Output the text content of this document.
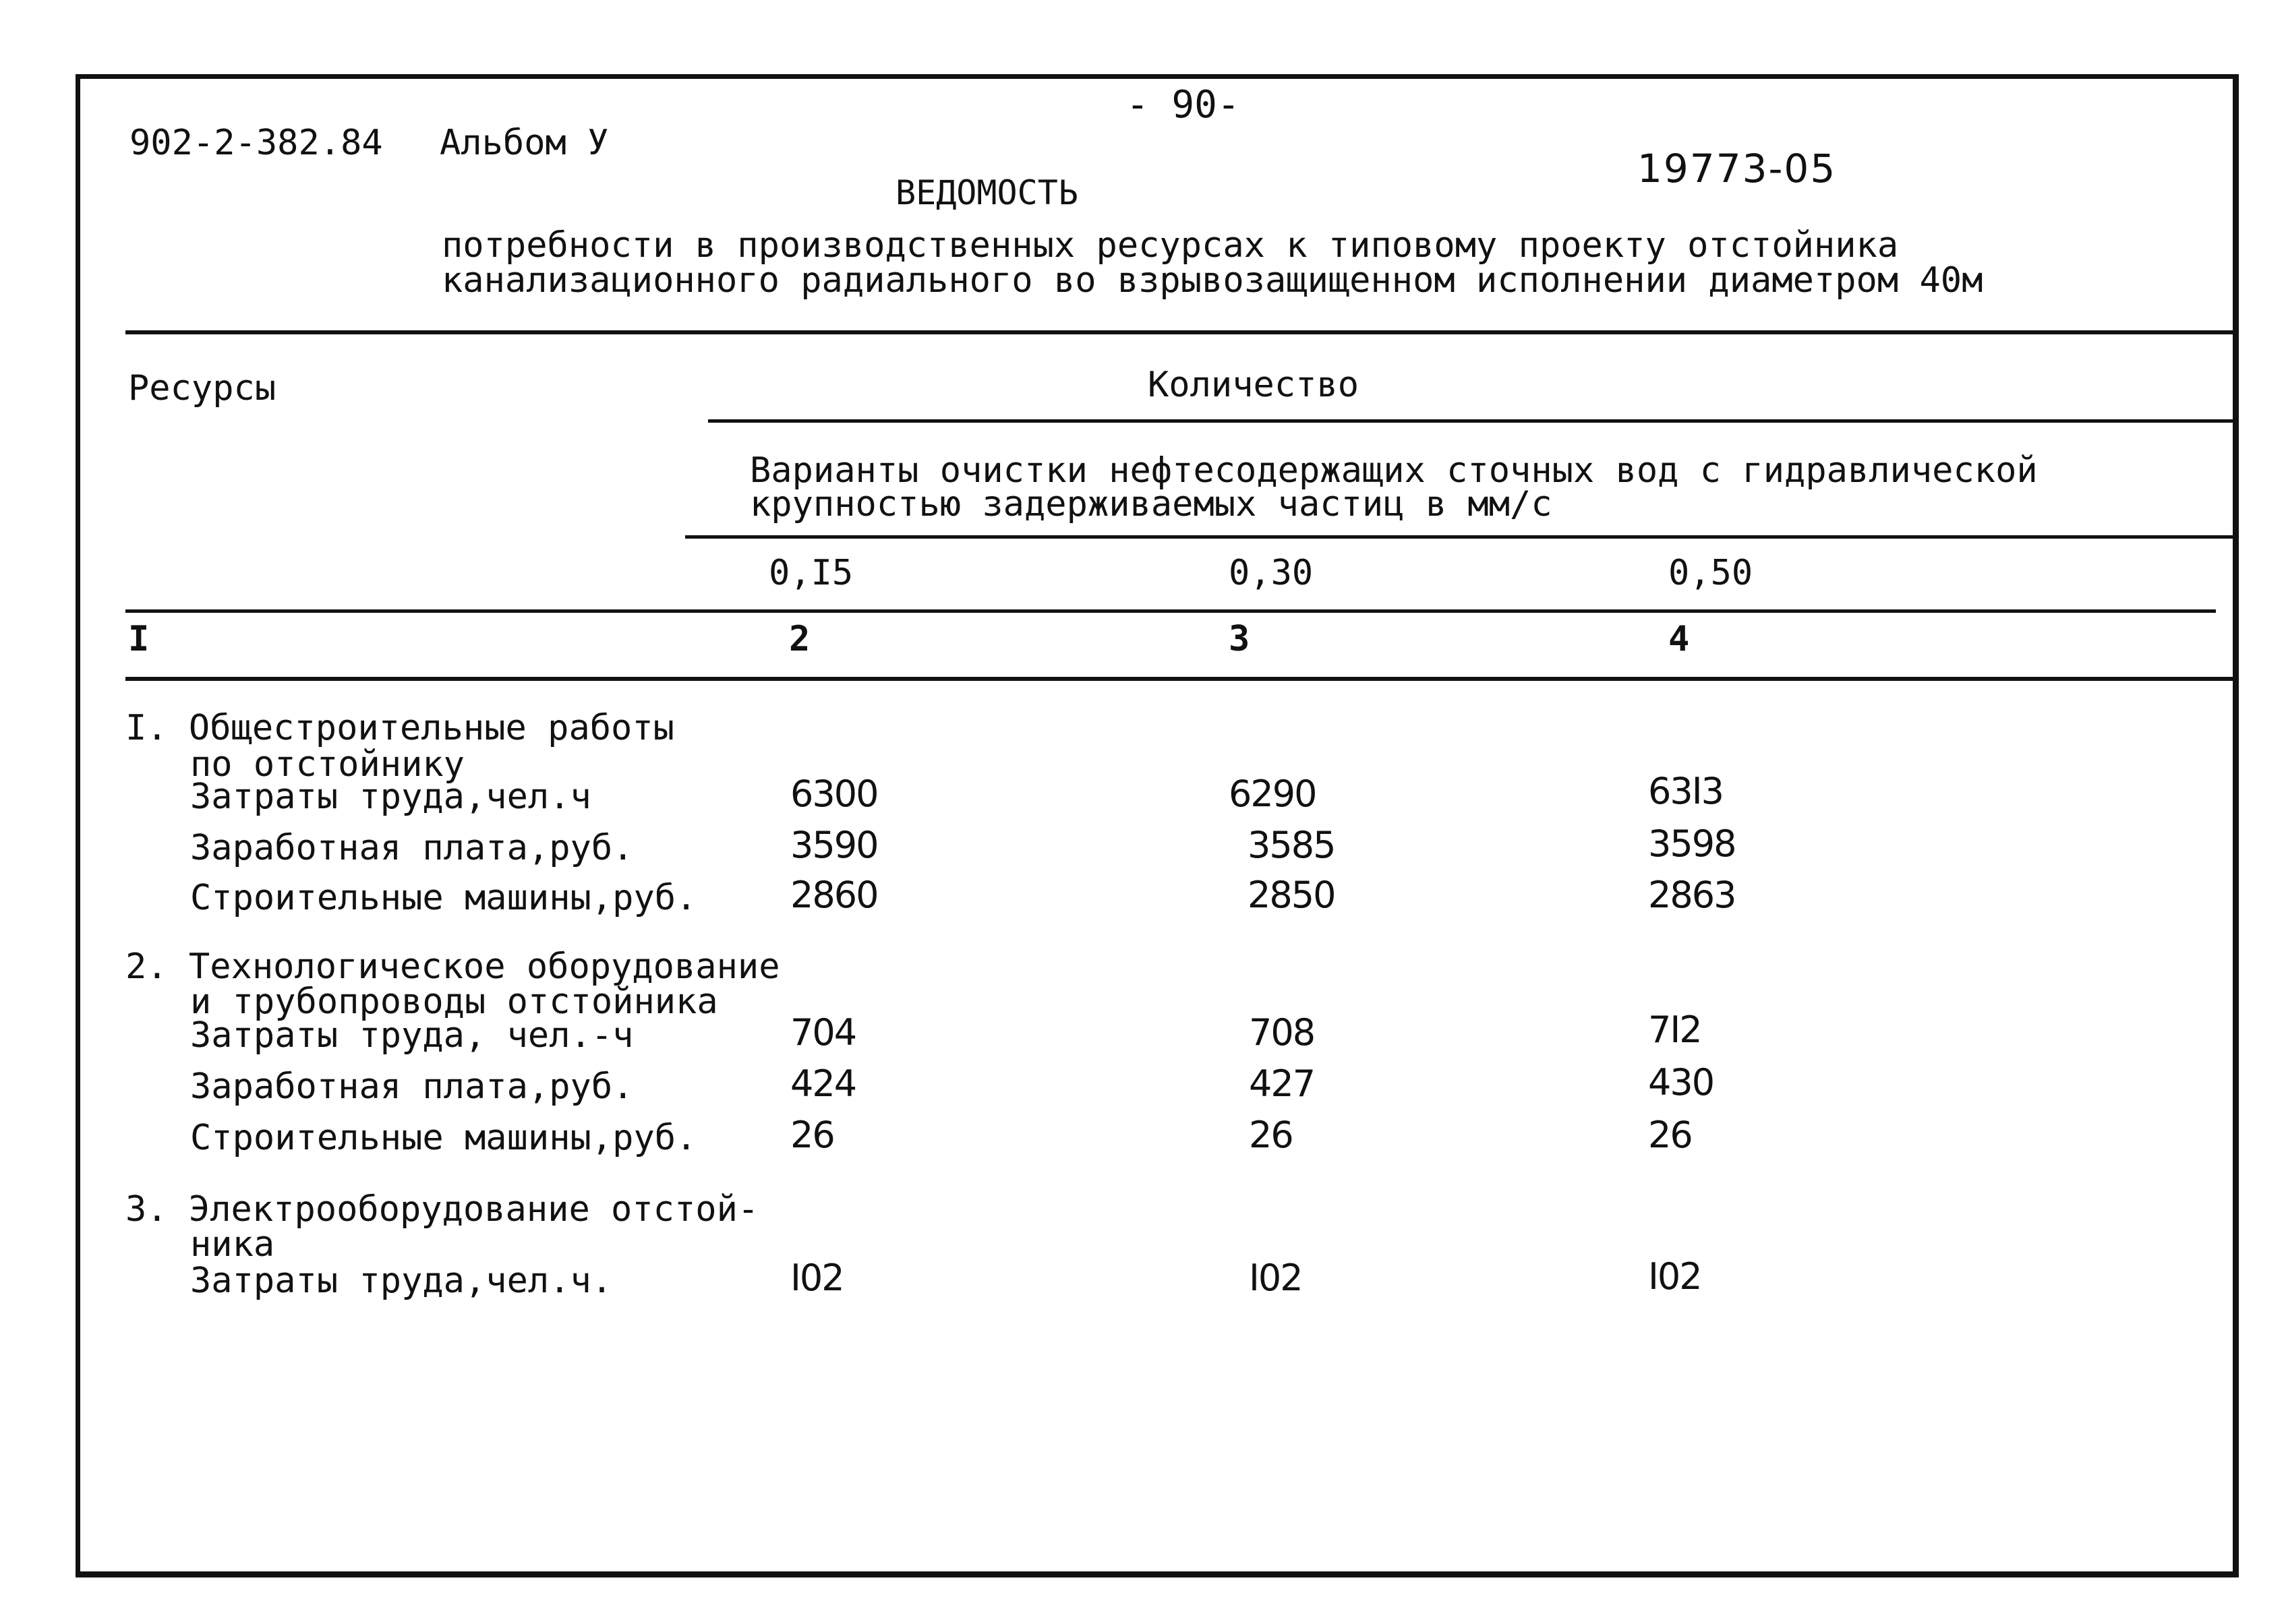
902-2-382.84 Альбом У
- 90-
19773-05
ВЕДОМОСТЬ
потребности в производственных ресурсах к типовому проекту отстойника
канализационного радиального во взрывозащищенном исполнении диаметром 40м
Ресурсы	Количество
Варианты очистки нефтесодержащих сточных вод с гидравлической
крупностью задерживаемых частиц в мм/с
0,I5	0,30	0,50
I	2	3	4
I. Общестроительные работы
по отстойнику
Затраты труда,чел.ч	6300	6290	63I3
Заработная плата,руб.	3590	3585	3598
Строительные машины,руб.	2860	2850	2863
2. Технологическое оборудование
и трубопроводы отстойника
Затраты труда, чел.-ч	704	708	7I2
Заработная плата,руб.	424	427	430
Строительные машины,руб.	26	26	26
3. Электрооборудование отстой-
ника
Затраты труда,чел.ч.	I02	I02	I02
